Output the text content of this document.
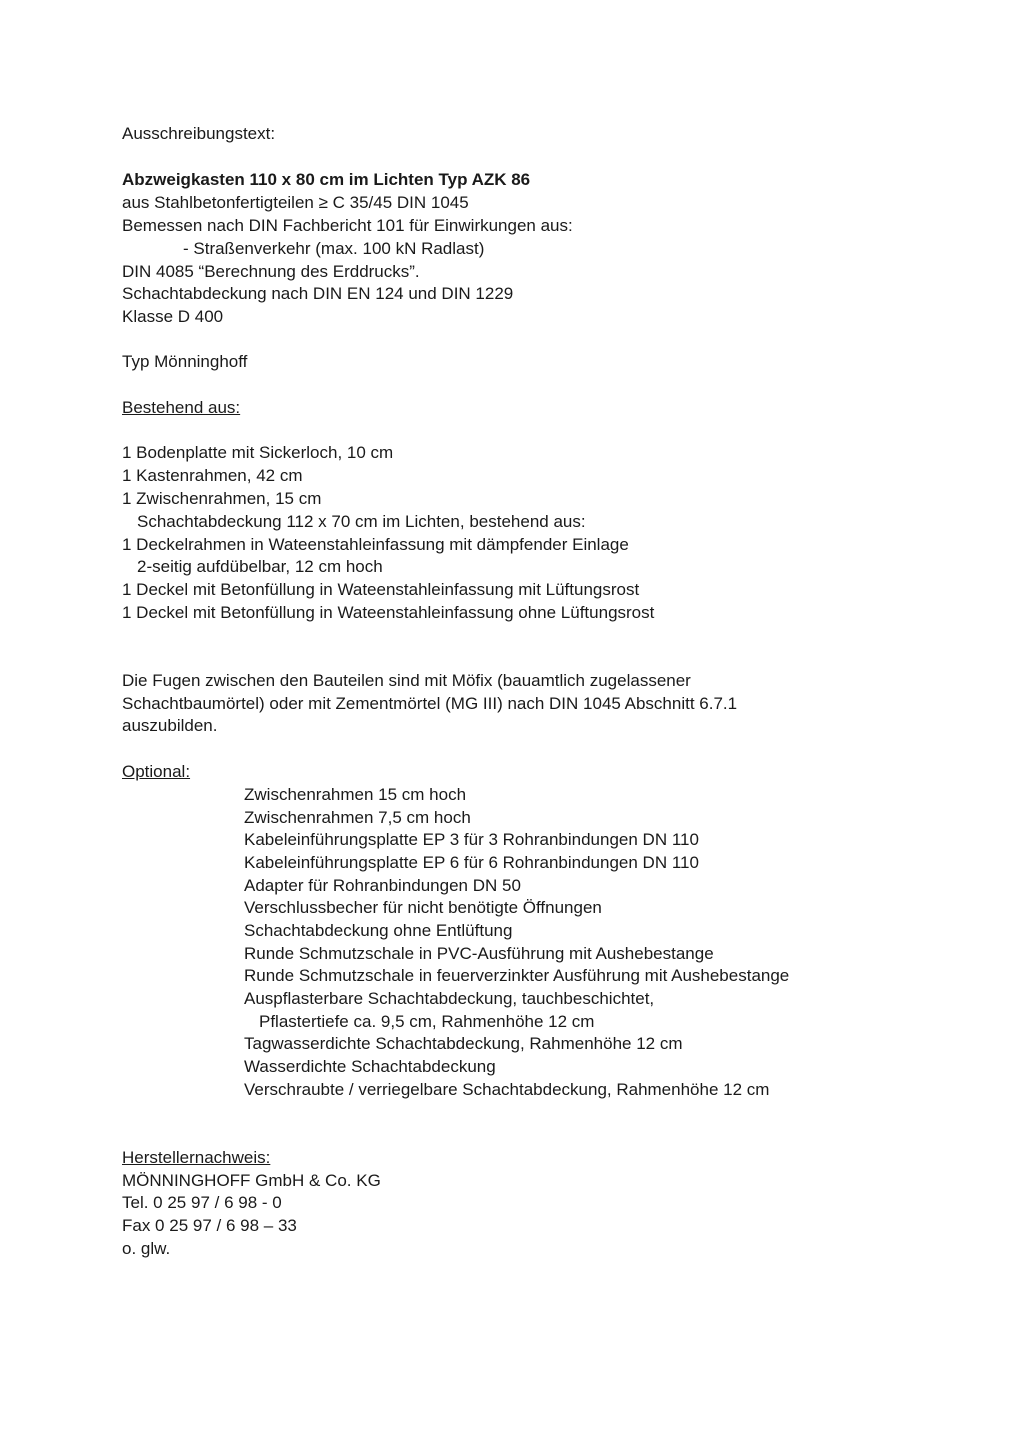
Ausschreibungstext:

Abzweigkasten 110 x 80 cm im Lichten Typ AZK 86

aus Stahlbetonfertigteilen ≥ C 35/45 DIN 1045

Bemessen nach DIN Fachbericht 101 für Einwirkungen aus:

- Straßenverkehr (max. 100 kN Radlast)

DIN 4085 “Berechnung des Erddrucks”.

Schachtabdeckung nach DIN EN 124 und DIN 1229

Klasse D 400

Typ Mönninghoff

Bestehend aus:

1 Bodenplatte mit Sickerloch, 10 cm

1 Kastenrahmen, 42 cm

1 Zwischenrahmen, 15 cm

Schachtabdeckung 112 x 70 cm im Lichten, bestehend aus:

1 Deckelrahmen in Wateenstahleinfassung mit dämpfender Einlage

2-seitig aufdübelbar, 12 cm hoch

1 Deckel mit Betonfüllung in Wateenstahleinfassung mit Lüftungsrost

1 Deckel mit Betonfüllung in Wateenstahleinfassung ohne Lüftungsrost

Die Fugen zwischen den Bauteilen sind mit Möfix (bauamtlich zugelassener

Schachtbaumörtel) oder mit Zementmörtel (MG III) nach DIN 1045 Abschnitt 6.7.1

auszubilden.

Optional:

Zwischenrahmen 15 cm hoch

Zwischenrahmen 7,5 cm hoch

Kabeleinführungsplatte EP 3 für 3 Rohranbindungen DN 110

Kabeleinführungsplatte EP 6 für 6 Rohranbindungen DN 110

Adapter für Rohranbindungen DN 50

Verschlussbecher für nicht benötigte Öffnungen

Schachtabdeckung ohne Entlüftung

Runde Schmutzschale in PVC-Ausführung mit Aushebestange

Runde Schmutzschale in feuerverzinkter Ausführung mit Aushebestange

Auspflasterbare Schachtabdeckung, tauchbeschichtet,

Pflastertiefe ca. 9,5 cm, Rahmenhöhe 12 cm

Tagwasserdichte Schachtabdeckung, Rahmenhöhe 12 cm

Wasserdichte Schachtabdeckung

Verschraubte / verriegelbare Schachtabdeckung, Rahmenhöhe 12 cm

Herstellernachweis:

MÖNNINGHOFF GmbH & Co. KG

Tel. 0 25 97 / 6 98 - 0

Fax 0 25 97 / 6 98 – 33

o. glw.
